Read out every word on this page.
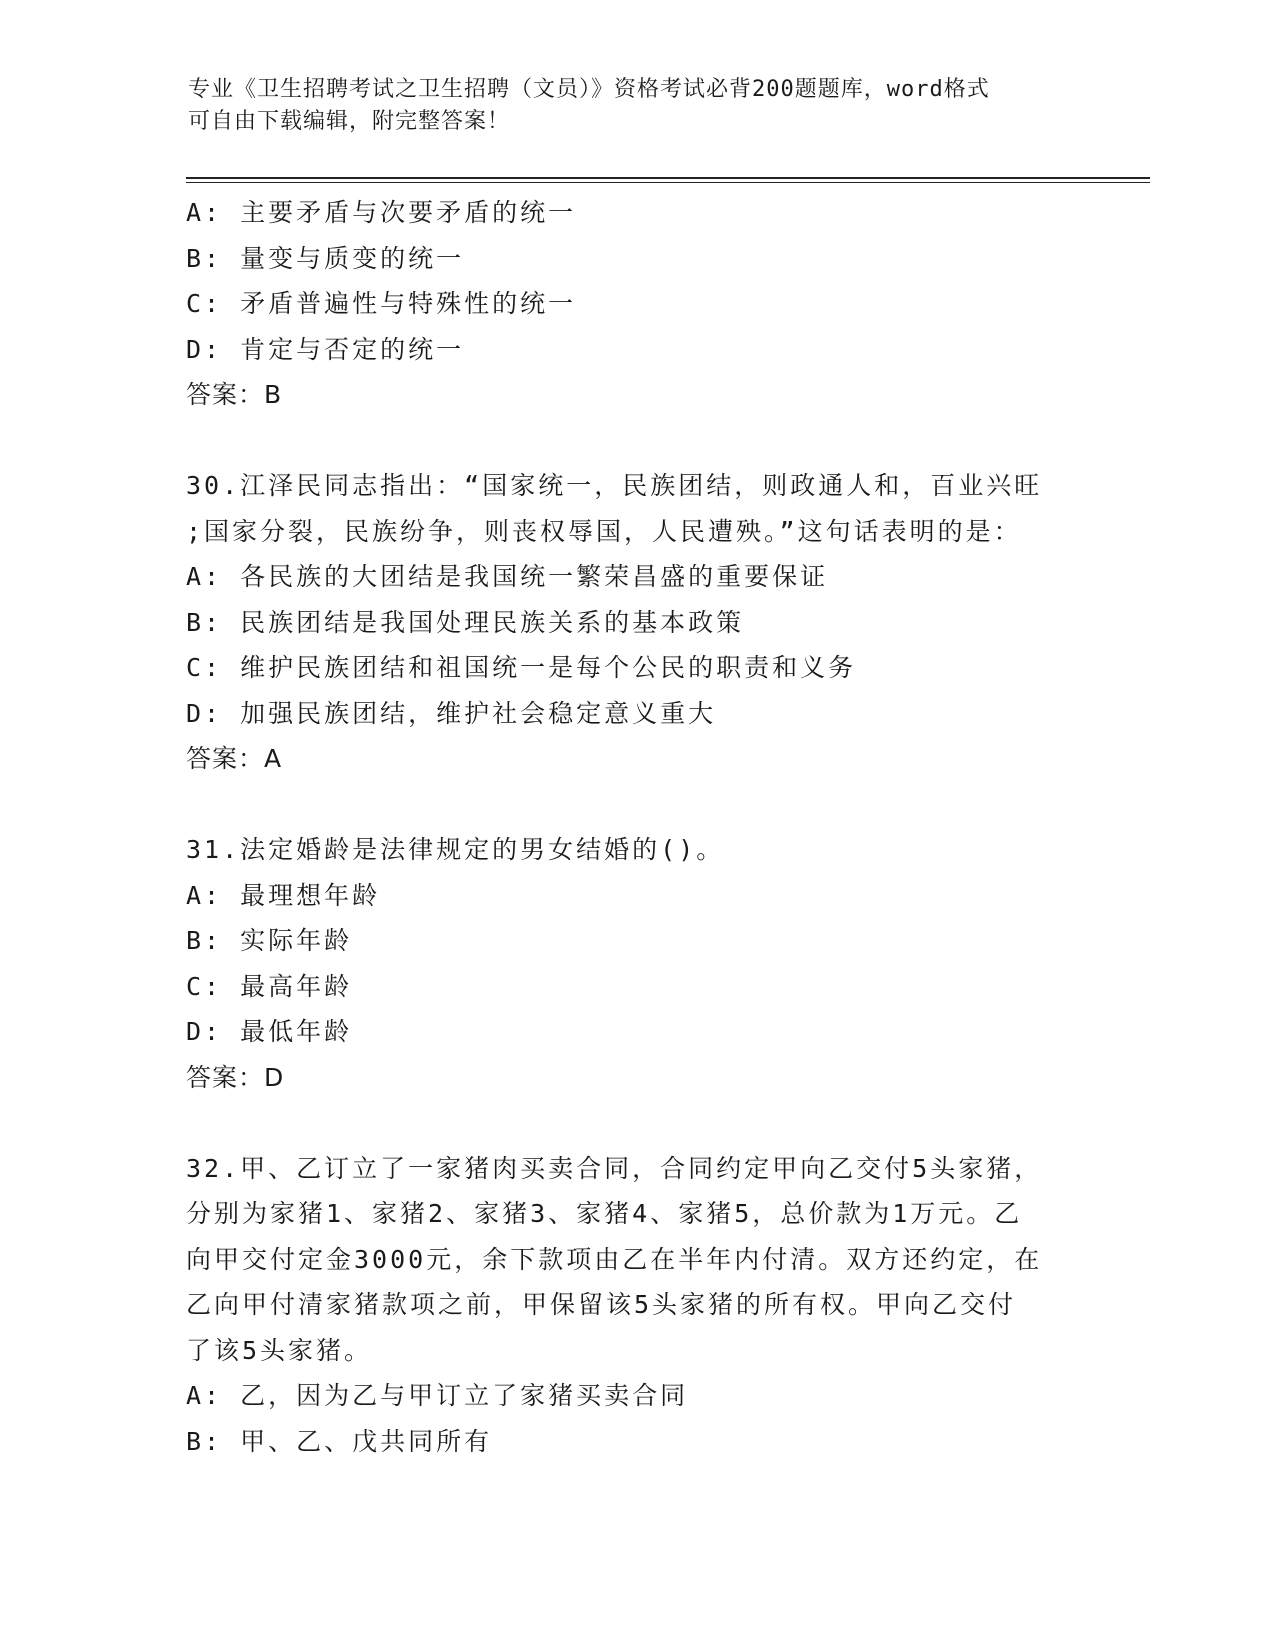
专业《卫生招聘考试之卫生招聘（文员）》资格考试必背200题题库，word格式
可自由下载编辑，附完整答案！
A: 主要矛盾与次要矛盾的统一
B: 量变与质变的统一
C: 矛盾普遍性与特殊性的统一
D: 肯定与否定的统一
答案：B
30.江泽民同志指出：“国家统一，民族团结，则政通人和，百业兴旺
;国家分裂，民族纷争，则丧权辱国，人民遭殃。”这句话表明的是：
A: 各民族的大团结是我国统一繁荣昌盛的重要保证
B: 民族团结是我国处理民族关系的基本政策
C: 维护民族团结和祖国统一是每个公民的职责和义务
D: 加强民族团结，维护社会稳定意义重大
答案：A
31.法定婚龄是法律规定的男女结婚的()。
A: 最理想年龄
B: 实际年龄
C: 最高年龄
D: 最低年龄
答案：D
32.甲、乙订立了一家猪肉买卖合同，合同约定甲向乙交付5头家猪，
分别为家猪1、家猪2、家猪3、家猪4、家猪5，总价款为1万元。乙
向甲交付定金3000元，余下款项由乙在半年内付清。双方还约定，在
乙向甲付清家猪款项之前，甲保留该5头家猪的所有权。甲向乙交付
了该5头家猪。
A: 乙，因为乙与甲订立了家猪买卖合同
B: 甲、乙、戊共同所有
